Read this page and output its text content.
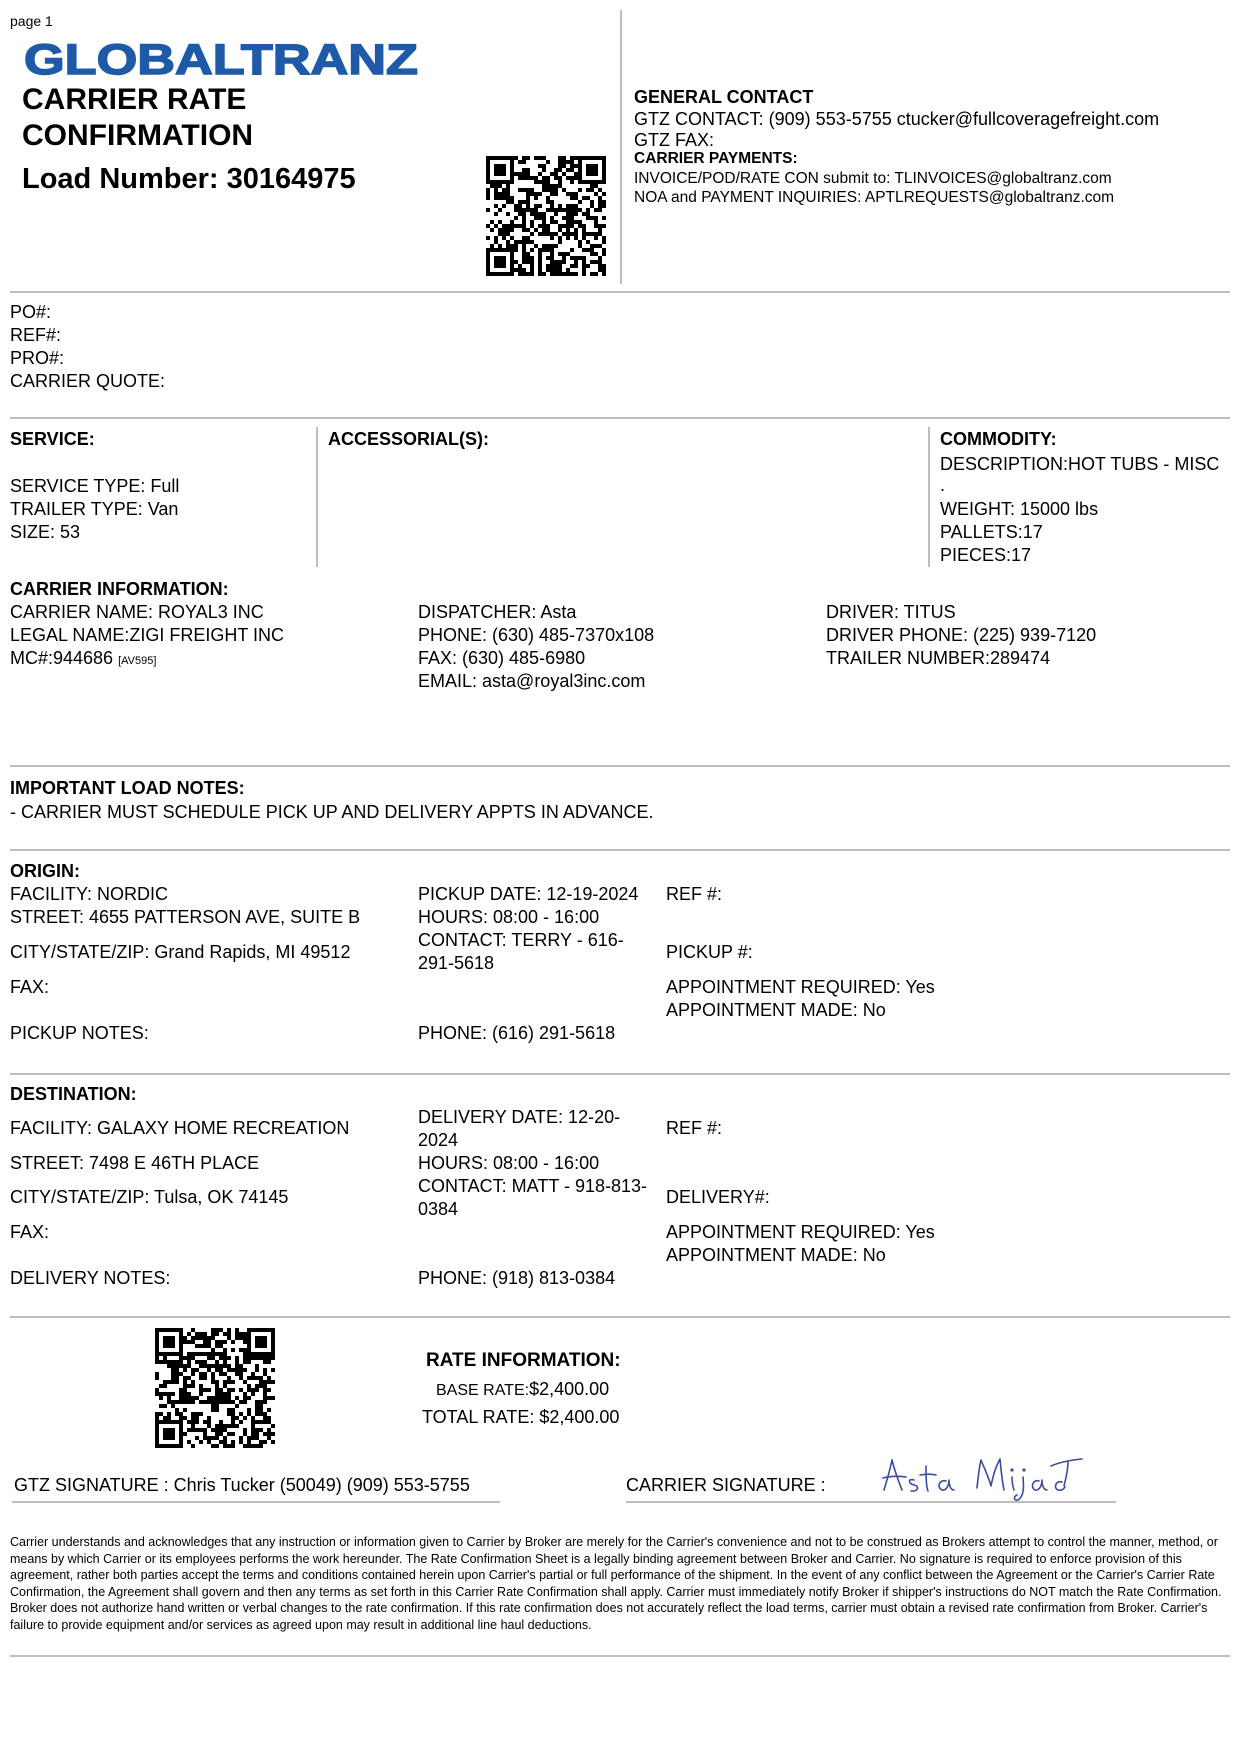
page 1
GLOBALTRANZ
CARRIER RATE
CONFIRMATION
Load Number: 30164975
GENERAL CONTACT
GTZ CONTACT: (909) 553-5755 ctucker@fullcoveragefreight.com
GTZ FAX:
CARRIER PAYMENTS:
INVOICE/POD/RATE CON submit to: TLINVOICES@globaltranz.com
NOA and PAYMENT INQUIRIES: APTLREQUESTS@globaltranz.com
PO#:
REF#:
PRO#:
CARRIER QUOTE:
SERVICE:
SERVICE TYPE: Full
TRAILER TYPE: Van
SIZE: 53
ACCESSORIAL(S):	COMMODITY:
DESCRIPTION:HOT TUBS - MISC
.
WEIGHT: 15000 lbs
PALLETS:17
PIECES:17
CARRIER INFORMATION:
CARRIER NAME: ROYAL3 INC
LEGAL NAME:ZIGI FREIGHT INC
MC#:944686 [AV595]
DISPATCHER: Asta
PHONE: (630) 485-7370x108
FAX: (630) 485-6980
EMAIL: asta@royal3inc.com
DRIVER: TITUS
DRIVER PHONE: (225) 939-7120
TRAILER NUMBER:289474
IMPORTANT LOAD NOTES:
- CARRIER MUST SCHEDULE PICK UP AND DELIVERY APPTS IN ADVANCE.
ORIGIN:
FACILITY: NORDIC
STREET: 4655 PATTERSON AVE, SUITE B
CITY/STATE/ZIP: Grand Rapids, MI 49512
FAX:
PICKUP NOTES:
PICKUP DATE: 12-19-2024
HOURS: 08:00 - 16:00
CONTACT: TERRY - 616-
291-5618
PHONE: (616) 291-5618
REF #:
PICKUP #:
APPOINTMENT REQUIRED: Yes
APPOINTMENT MADE: No
DESTINATION:
FACILITY: GALAXY HOME RECREATION
STREET: 7498 E 46TH PLACE
CITY/STATE/ZIP: Tulsa, OK 74145
FAX:
DELIVERY NOTES:
DELIVERY DATE: 12-20-
2024
HOURS: 08:00 - 16:00
CONTACT: MATT - 918-813-
0384
PHONE: (918) 813-0384
REF #:
DELIVERY#:
APPOINTMENT REQUIRED: Yes
APPOINTMENT MADE: No
RATE INFORMATION:
BASE RATE:$2,400.00
TOTAL RATE: $2,400.00
GTZ SIGNATURE : Chris Tucker (50049) (909) 553-5755	CARRIER SIGNATURE :
Carrier understands and acknowledges that any instruction or information given to Carrier by Broker are merely for the Carrier's convenience and not to be construed as Brokers attempt to control the manner, method, or means by which Carrier or its employees performs the work hereunder. The Rate Confirmation Sheet is a legally binding agreement between Broker and Carrier. No signature is required to enforce provision of this agreement, rather both parties accept the terms and conditions contained herein upon Carrier's partial or full performance of the shipment. In the event of any conflict between the Agreement or the Carrier's Carrier Rate Confirmation, the Agreement shall govern and then any terms as set forth in this Carrier Rate Confirmation shall apply. Carrier must immediately notify Broker if shipper's instructions do NOT match the Rate Confirmation. Broker does not authorize hand written or verbal changes to the rate confirmation. If this rate confirmation does not accurately reflect the load terms, carrier must obtain a revised rate confirmation from Broker. Carrier's failure to provide equipment and/or services as agreed upon may result in additional line haul deductions.
